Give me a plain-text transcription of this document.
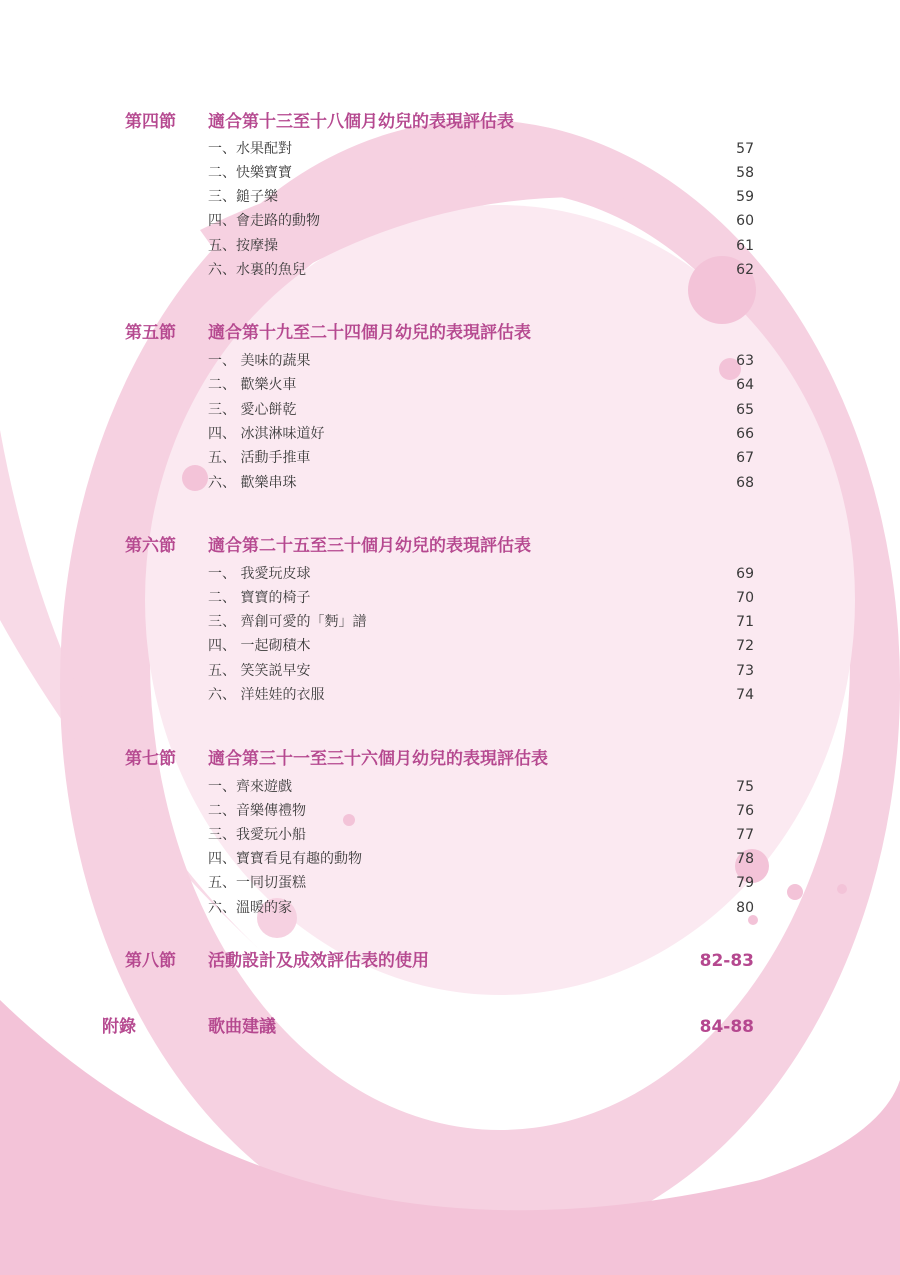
第四節 適合第十三至十八個月幼兒的表現評估表
一、水果配對	57
二、快樂寶寶	58
三、鎚子樂	59
四、會走路的動物	60
五、按摩操	61
六、水裏的魚兒	62
第五節 適合第十九至二十四個月幼兒的表現評估表
一、 美味的蔬果	63
二、 歡樂火車	64
三、 愛心餅乾	65
四、 冰淇淋味道好	66
五、 活動手推車	67
六、 歡樂串珠	68
第六節 適合第二十五至三十個月幼兒的表現評估表
一、 我愛玩皮球	69
二、 寶寶的椅子	70
三、 齊創可愛的「麪」譜	71
四、 一起砌積木	72
五、 笑笑説早安	73
六、 洋娃娃的衣服	74
第七節 適合第三十一至三十六個月幼兒的表現評估表
一、齊來遊戲	75
二、音樂傳禮物	76
三、我愛玩小船	77
四、寶寶看見有趣的動物	78
五、一同切蛋糕	79
六、溫暖的家	80
第八節 活動設計及成效評估表的使用	82-83
附錄	歌曲建議	84-88
